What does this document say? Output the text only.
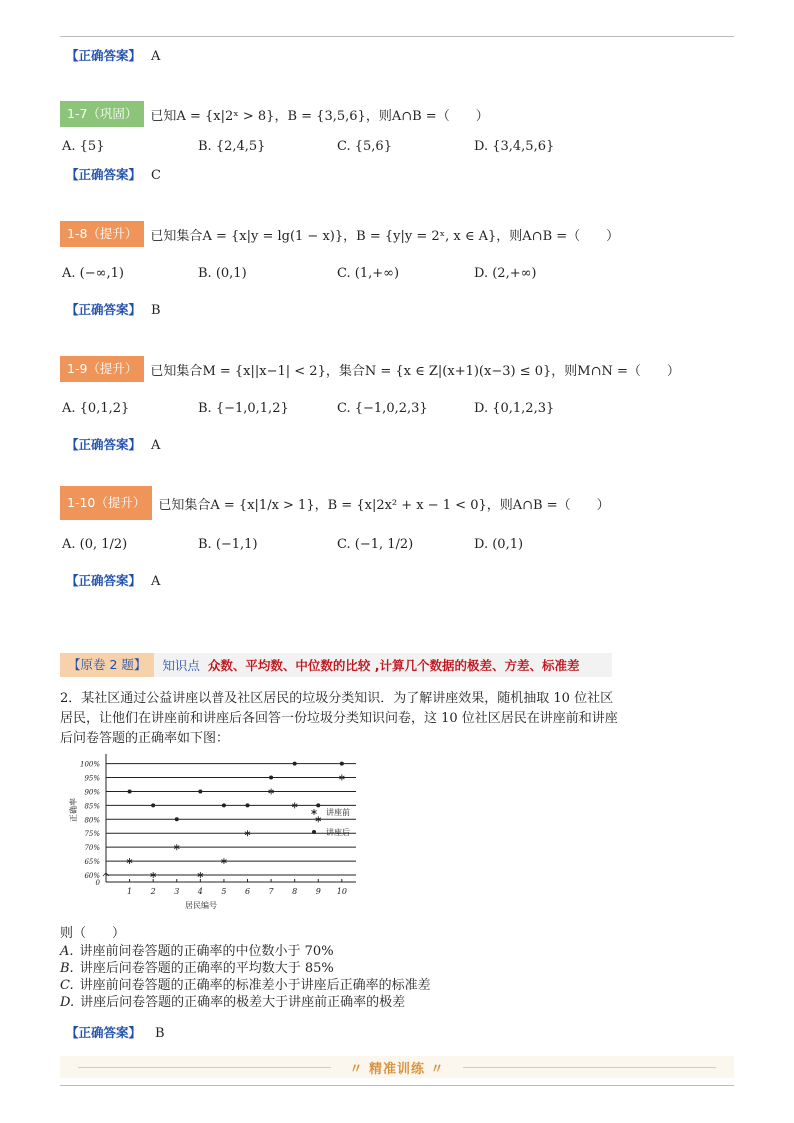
【正确答案】 A
1-7（巩固）	已知A = {x|2ˣ > 8}，B = {3,5,6}，则A∩B =（　　）
A. {5}	B. {2,4,5}	C. {5,6}	D. {3,4,5,6}
【正确答案】 C
1-8（提升）	已知集合A = {x|y = lg(1 − x)}，B = {y|y = 2ˣ, x ∈ A}，则A∩B =（　　）
A. (−∞,1)	B. (0,1)	C. (1,+∞)	D. (2,+∞)
【正确答案】 B
1-9（提升）	已知集合M = {x||x−1| < 2}，集合N = {x ∈ Z|(x+1)(x−3) ≤ 0}，则M∩N =（　　）
A. {0,1,2}	B. {−1,0,1,2}	C. {−1,0,2,3}	D. {0,1,2,3}
【正确答案】 A
1-10（提升）	已知集合A = {x|1/x > 1}，B = {x|2x² + x − 1 < 0}，则A∩B =（　　）
A. (0, 1/2)	B. (−1,1)	C. (−1, 1/2)	D. (0,1)
【正确答案】 A
【原卷 2 题】	知识点 众数、平均数、中位数的比较 ,计算几个数据的极差、方差、标准差
2．某社区通过公益讲座以普及社区居民的垃圾分类知识．为了解讲座效果，随机抽取 10 位社区居民，让他们在讲座前和讲座后各回答一份垃圾分类知识问卷，这 10 位社区居民在讲座前和讲座后问卷答题的正确率如下图：
0
60%
65%
70%
75%
80%
85%
90%
95%
100%
1 2 3 4 5 6 7 8 9 10
居民编号
正确率	讲座前
讲座后
则（　　）
A. 讲座前问卷答题的正确率的中位数小于 70%
B. 讲座后问卷答题的正确率的平均数大于 85%
C. 讲座前问卷答题的正确率的标准差小于讲座后正确率的标准差
D. 讲座后问卷答题的正确率的极差大于讲座前正确率的极差
【正确答案】 B
〃 精准训练 〃
